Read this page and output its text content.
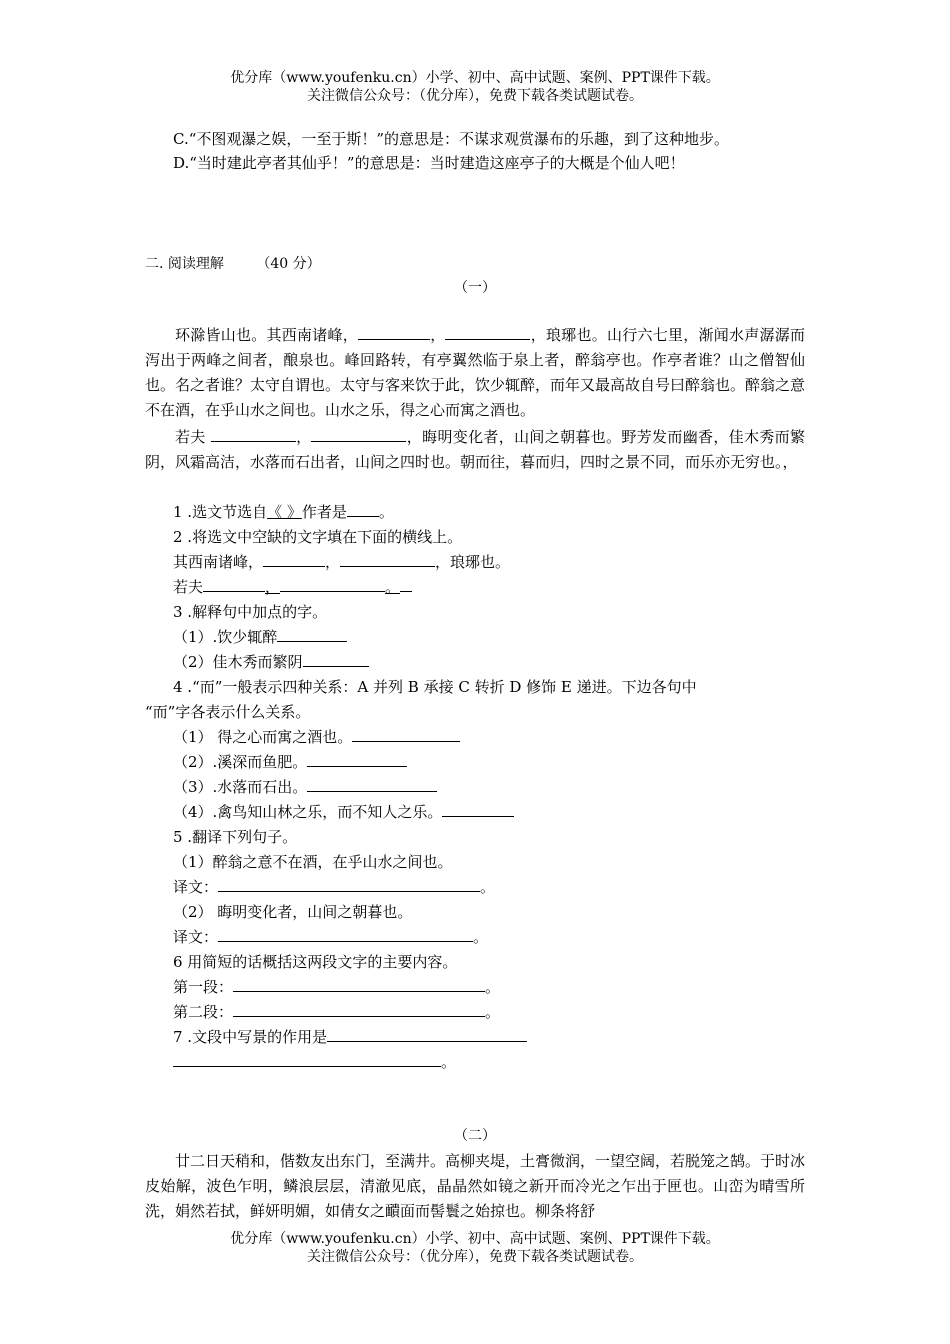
优分库（www.youfenku.cn）小学、初中、高中试题、案例、PPT课件下载。
关注微信公众号：（优分库），免费下载各类试题试卷。
C.“不图观瀑之娱，一至于斯！”的意思是：不谋求观赏瀑布的乐趣，到了这种地步。
D.“当时建此亭者其仙乎！”的意思是：当时建造这座亭子的大概是个仙人吧！
二. 阅读理解 （40 分）
（一）
环滁皆山也。其西南诸峰，	，	，琅琊也。山行六七里，渐闻水声潺潺而泻出于两峰之间者，酿泉也。峰回路转，有亭翼然临于泉上者，醉翁亭也。作亭者谁？山之僧智仙也。名之者谁？太守自谓也。太守与客来饮于此，饮少辄醉，而年又最高故自号曰醉翁也。醉翁之意不在酒，在乎山水之间也。山水之乐，得之心而寓之酒也。
若夫	，	，晦明变化者，山间之朝暮也。野芳发而幽香，佳木秀而繁阴，风霜高洁，水落而石出者，山间之四时也。朝而往，暮而归，四时之景不同，而乐亦无穷也。，
1 .选文节选自《 》作者是 。
2 .将选文中空缺的文字填在下面的横线上。
其西南诸峰，	，	，琅琊也。
若夫	，	。
3 .解释句中加点的字。
（1）.饮少辄醉
（2）佳木秀而繁阴
4 .“而”一般表示四种关系：A 并列 B 承接 C 转折 D 修饰 E 递进。下边各句中
“而”字各表示什么关系。
（1） 得之心而寓之酒也。
（2）.溪深而鱼肥。
（3）.水落而石出。
（4）.禽鸟知山林之乐，而不知人之乐。
5 .翻译下列句子。
（1）醉翁之意不在酒，在乎山水之间也。
译文：	。
（2） 晦明变化者，山间之朝暮也。
译文：	。
6 用简短的话概括这两段文字的主要内容。
第一段：	。
第二段：	。
7 .文段中写景的作用是
。
（二）
廿二日天稍和，偕数友出东门，至满井。高柳夹堤，土膏微润，一望空阔，若脱笼之鹄。于时冰皮始解，波色乍明，鳞浪层层，清澈见底，晶晶然如镜之新开而冷光之乍出于匣也。山峦为晴雪所洗，娟然若拭，鲜妍明媚，如倩女之靧面而髻鬟之始掠也。柳条将舒
优分库（www.youfenku.cn）小学、初中、高中试题、案例、PPT课件下载。
关注微信公众号：（优分库），免费下载各类试题试卷。
